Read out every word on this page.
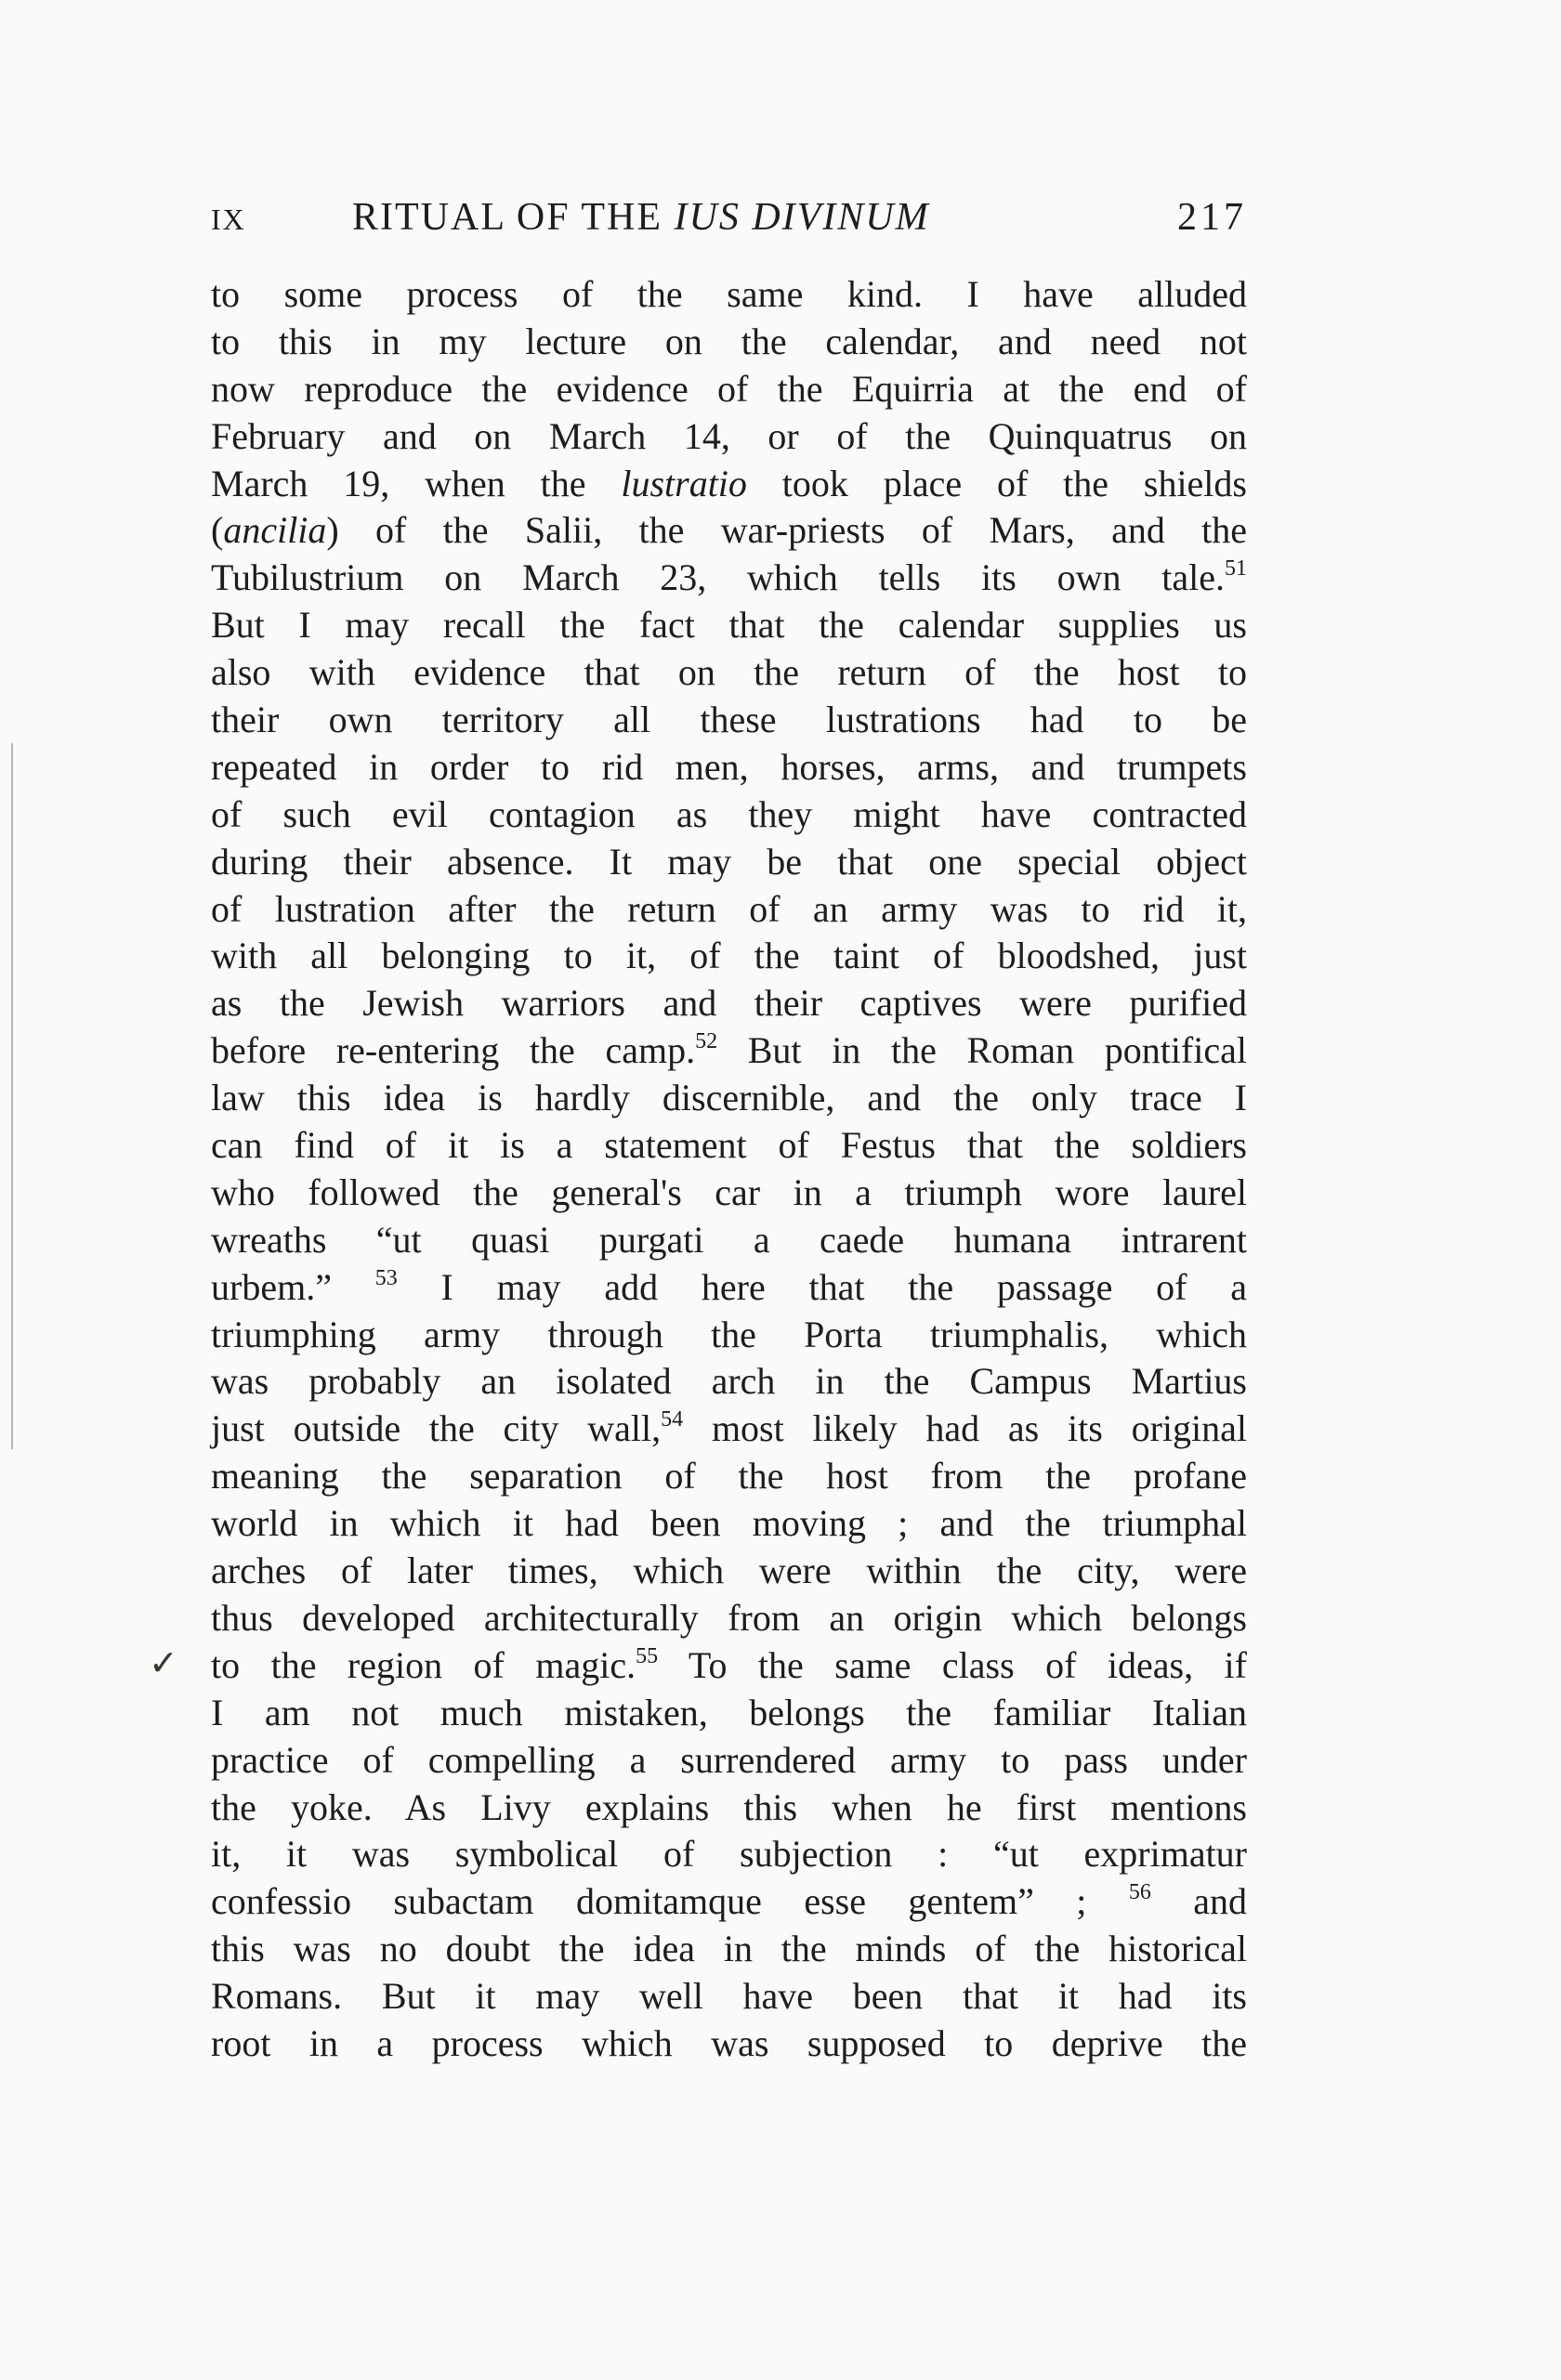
IX	RITUAL OF THE IUS DIVINUM	217
to some process of the same kind. I have alluded
to this in my lecture on the calendar, and need not
now reproduce the evidence of the Equirria at the end of
February and on March 14, or of the Quinquatrus on
March 19, when the lustratio took place of the shields
(ancilia) of the Salii, the war-priests of Mars, and the
Tubilustrium on March 23, which tells its own tale.$^{51}$
But I may recall the fact that the calendar supplies us
also with evidence that on the return of the host to
their own territory all these lustrations had to be
repeated in order to rid men, horses, arms, and trumpets
of such evil contagion as they might have contracted
during their absence. It may be that one special object
of lustration after the return of an army was to rid it,
with all belonging to it, of the taint of bloodshed, just
as the Jewish warriors and their captives were purified
before re-entering the camp.$^{52}$ But in the Roman pontifical
law this idea is hardly discernible, and the only trace I
can find of it is a statement of Festus that the soldiers
who followed the general's car in a triumph wore laurel
wreaths “ut quasi purgati a caede humana intrarent
urbem.” $^{53}$ I may add here that the passage of a
triumphing army through the Porta triumphalis, which
was probably an isolated arch in the Campus Martius
just outside the city wall,$^{54}$ most likely had as its original
meaning the separation of the host from the profane
world in which it had been moving ; and the triumphal
arches of later times, which were within the city, were
thus developed architecturally from an origin which belongs
to the region of magic.$^{55}$ To the same class of ideas, if
I am not much mistaken, belongs the familiar Italian
practice of compelling a surrendered army to pass under
the yoke. As Livy explains this when he first mentions
it, it was symbolical of subjection : “ut exprimatur
confessio subactam domitamque esse gentem” ; $^{56}$ and
this was no doubt the idea in the minds of the historical
Romans. But it may well have been that it had its
root in a process which was supposed to deprive the
✓
